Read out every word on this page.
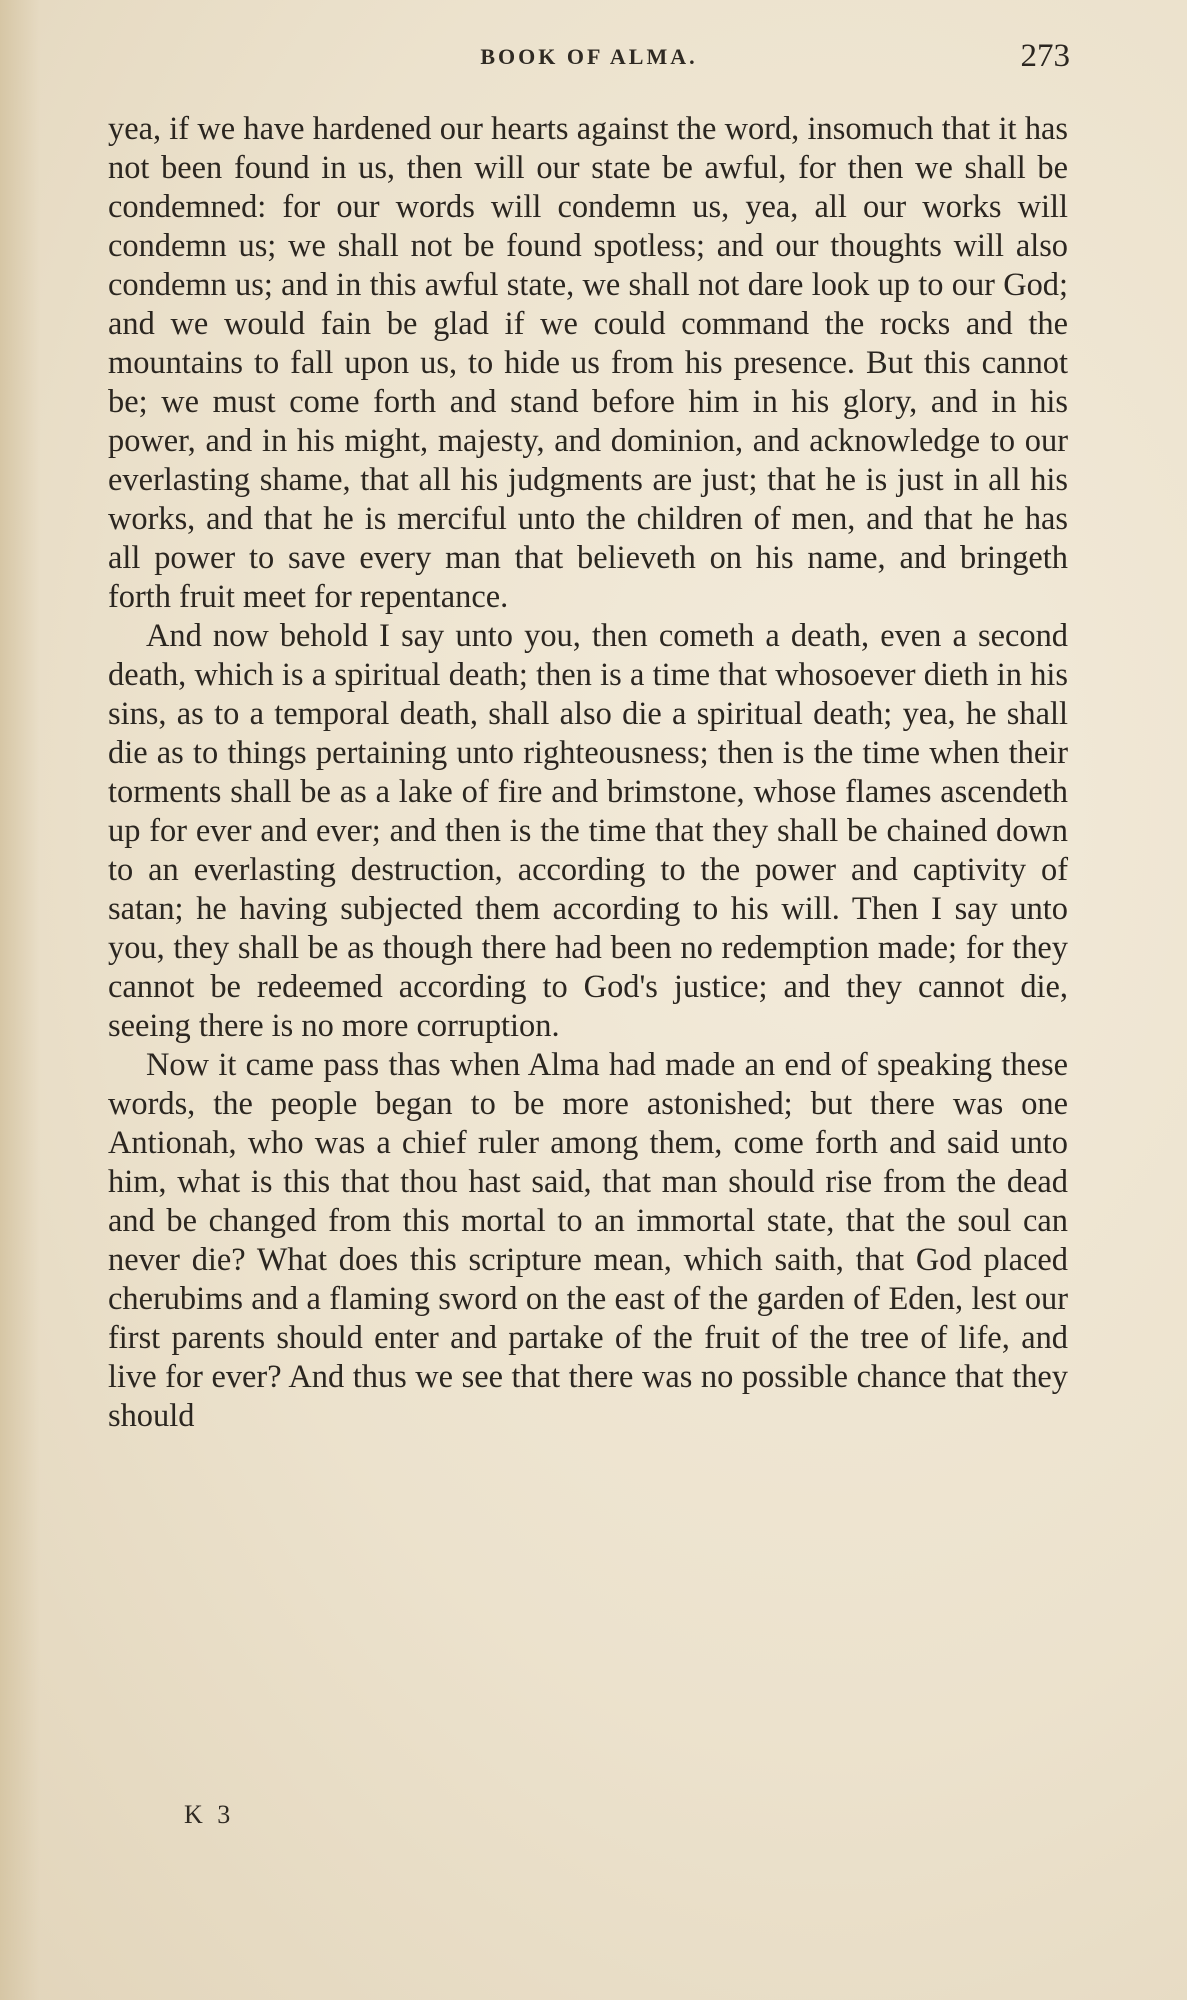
BOOK OF ALMA.	273

yea, if we have hardened our hearts against the word, insomuch that it has not been found in us, then will our state be awful, for then we shall be condemned: for our words will condemn us, yea, all our works will condemn us; we shall not be found spotless; and our thoughts will also condemn us; and in this awful state, we shall not dare look up to our God; and we would fain be glad if we could command the rocks and the mountains to fall upon us, to hide us from his presence. But this cannot be; we must come forth and stand before him in his glory, and in his power, and in his might, majesty, and dominion, and acknowledge to our everlasting shame, that all his judgments are just; that he is just in all his works, and that he is merciful unto the children of men, and that he has all power to save every man that believeth on his name, and bringeth forth fruit meet for repentance.

And now behold I say unto you, then cometh a death, even a second death, which is a spiritual death; then is a time that whosoever dieth in his sins, as to a temporal death, shall also die a spiritual death; yea, he shall die as to things pertaining unto righteousness; then is the time when their torments shall be as a lake of fire and brimstone, whose flames ascendeth up for ever and ever; and then is the time that they shall be chained down to an everlasting destruction, according to the power and captivity of satan; he having subjected them according to his will. Then I say unto you, they shall be as though there had been no redemption made; for they cannot be redeemed according to God's justice; and they cannot die, seeing there is no more corruption.

Now it came pass thas when Alma had made an end of speaking these words, the people began to be more astonished; but there was one Antionah, who was a chief ruler among them, come forth and said unto him, what is this that thou hast said, that man should rise from the dead and be changed from this mortal to an immortal state, that the soul can never die? What does this scripture mean, which saith, that God placed cherubims and a flaming sword on the east of the garden of Eden, lest our first parents should enter and partake of the fruit of the tree of life, and live for ever? And thus we see that there was no possible chance that they should

K 3
